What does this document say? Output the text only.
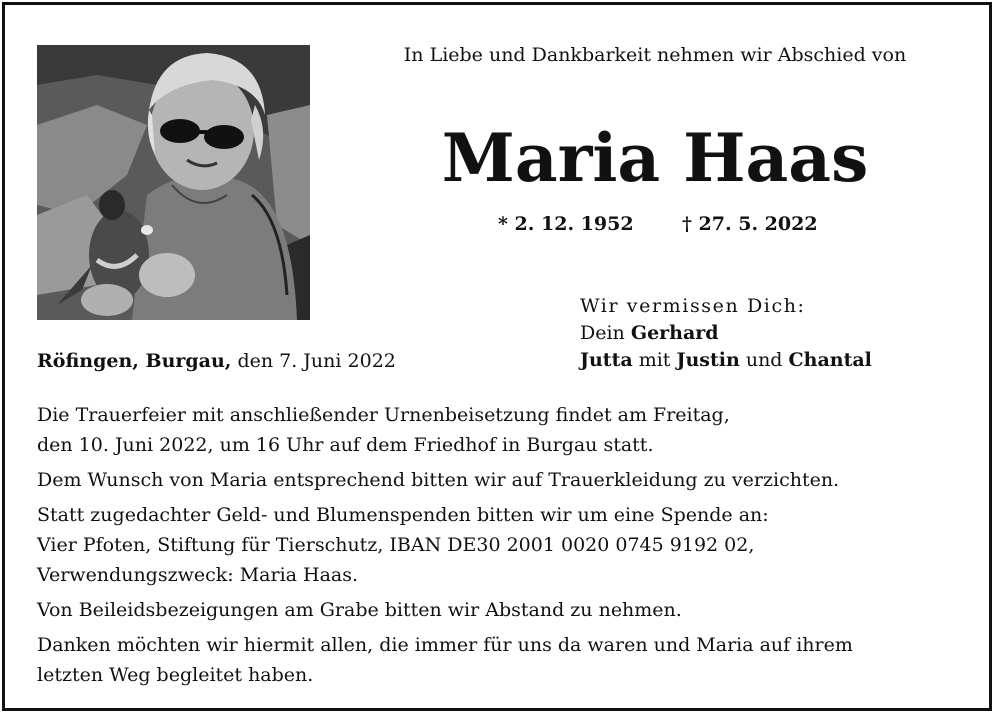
In Liebe und Dankbarkeit nehmen wir Abschied von
Maria Haas
* 2. 12. 1952	† 27. 5. 2022
Wir vermissen Dich:
Dein Gerhard
Jutta mit Justin und Chantal
Röfingen, Burgau, den 7. Juni 2022

Die Trauerfeier mit anschließender Urnenbeisetzung findet am Freitag,
den 10. Juni 2022, um 16 Uhr auf dem Friedhof in Burgau statt.

Dem Wunsch von Maria entsprechend bitten wir auf Trauerkleidung zu verzichten.

Statt zugedachter Geld- und Blumenspenden bitten wir um eine Spende an:
Vier Pfoten, Stiftung für Tierschutz, IBAN DE30 2001 0020 0745 9192 02,
Verwendungszweck: Maria Haas.

Von Beileidsbezeigungen am Grabe bitten wir Abstand zu nehmen.

Danken möchten wir hiermit allen, die immer für uns da waren und Maria auf ihrem
letzten Weg begleitet haben.
